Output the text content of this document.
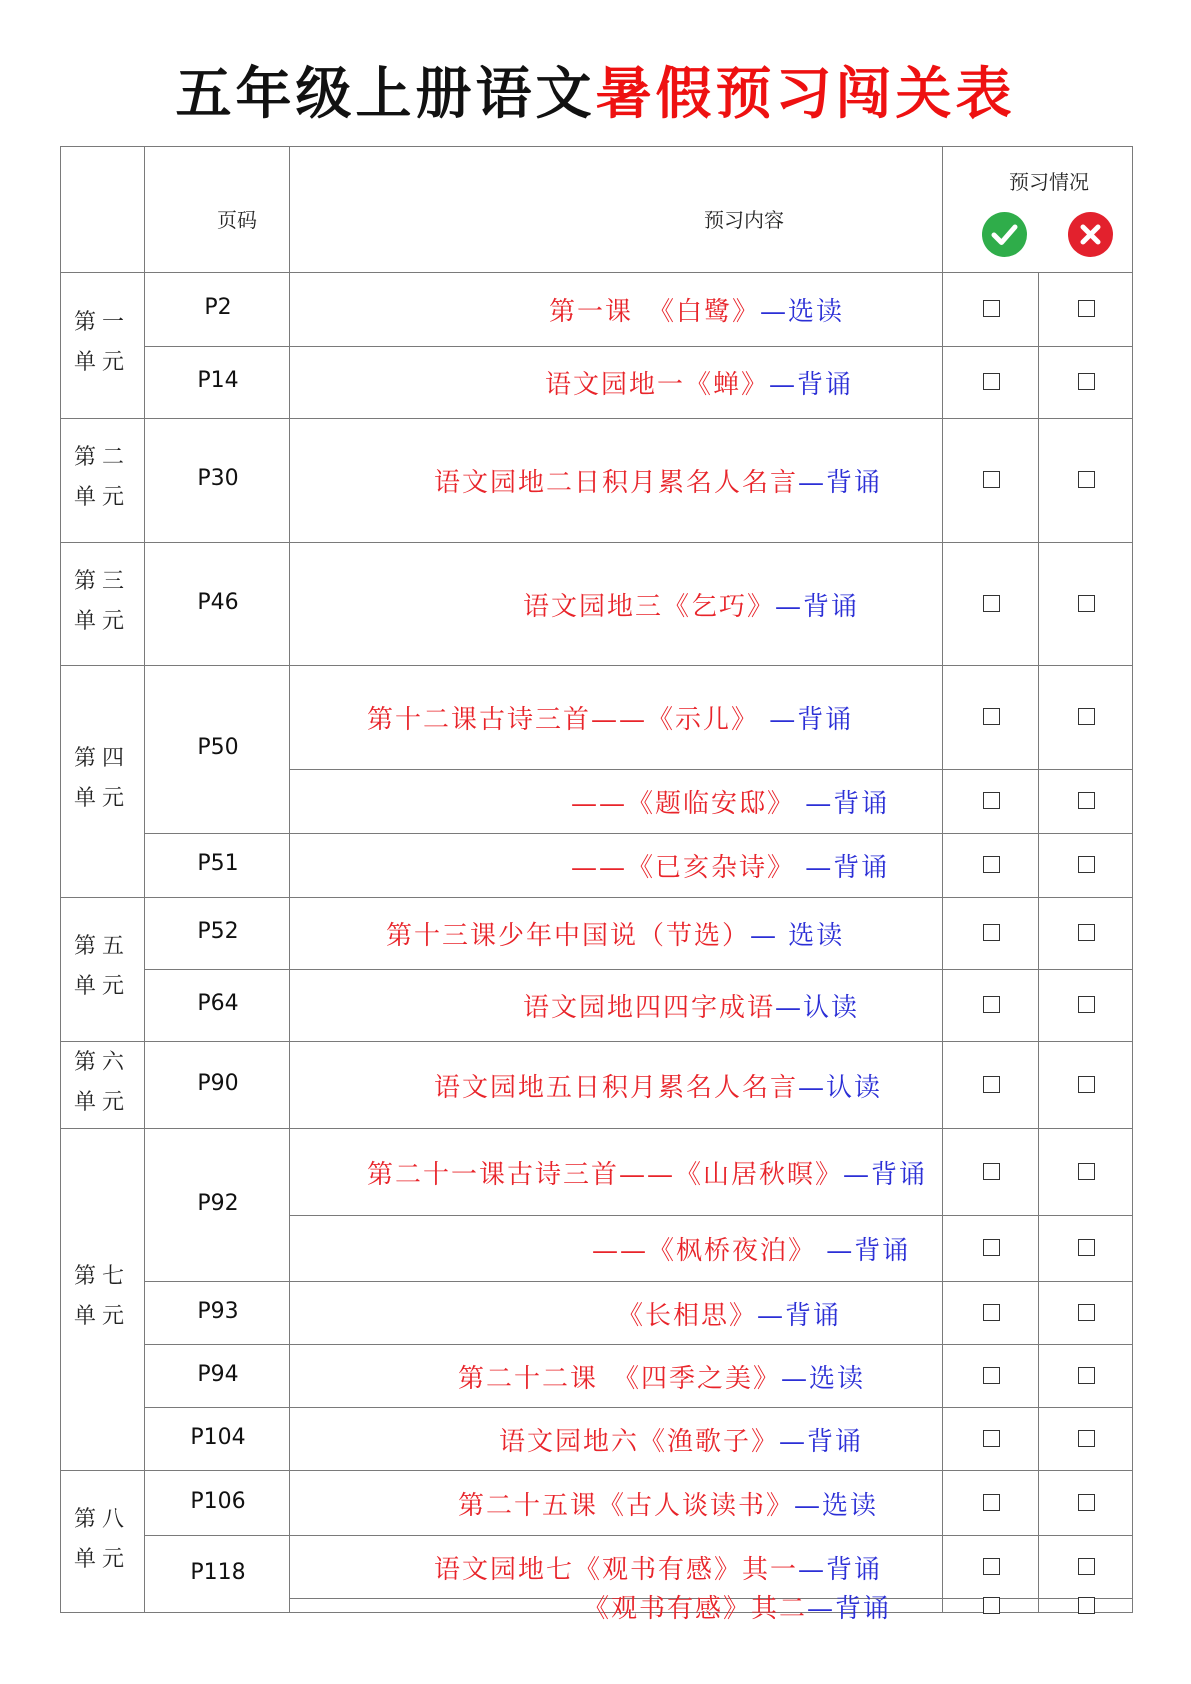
五年级上册语文暑假预习闯关表
页码	预习内容
预习情况
第一
单元
第二
单元
第三
单元
第四
单元
第五
单元
第六
单元
第七
单元
第八
单元
P2
P14
P30
P46
P50
P51
P52
P64
P90
P92
P93
P94
P104
P106
P118
第一课　《白鹭》—选读
语文园地一《蝉》—背诵
语文园地二日积月累名人名言—背诵
语文园地三《乞巧》—背诵
第十二课古诗三首——《示儿》 —背诵
——《题临安邸》 —背诵
——《已亥杂诗》 —背诵
第十三课少年中国说（节选）— 选读
语文园地四四字成语—认读
语文园地五日积月累名人名言—认读
第二十一课古诗三首——《山居秋暝》—背诵
——《枫桥夜泊》 —背诵
《长相思》—背诵
第二十二课　《四季之美》—选读
语文园地六《渔歌子》—背诵
第二十五课《古人谈读书》—选读
语文园地七《观书有感》其一—背诵
《观书有感》其二—背诵
